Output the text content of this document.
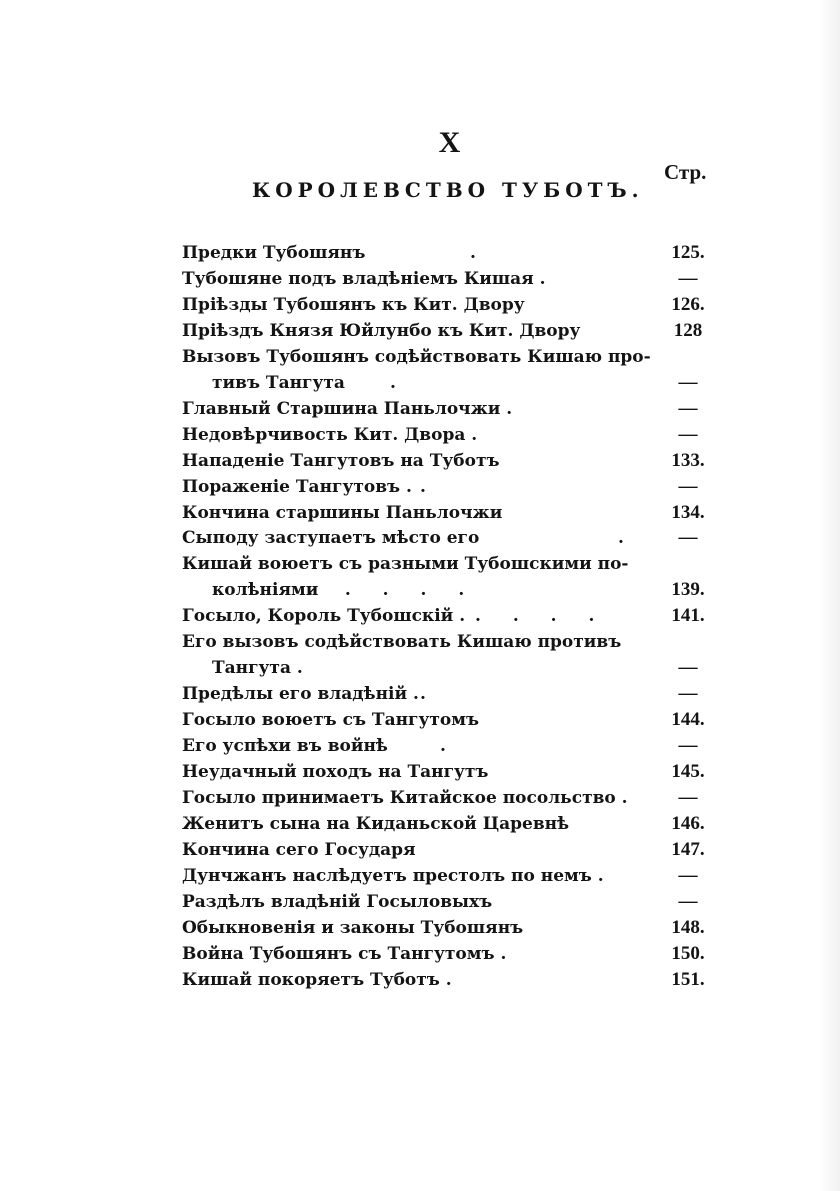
X
Стр.
КОРОЛЕВСТВО ТУБОТЪ.
Предки Тубошянъ	.	125.
Тубошяне подъ владѣніемъ Кишая .	—
Пріѣзды Тубошянъ къ Кит. Двору	126.
Пріѣздъ Князя Юйлунбо къ Кит. Двору	128
Вызовъ Тубошянъ содѣйствовать Кишаю про-
тивъ Тангута	.	—
Главный Старшина Паньлочжи .	—
Недовѣрчивость Кит. Двора .	—
Нападеніе Тангутовъ на Туботъ	133.
Пораженіе Тангутовъ . .	—
Кончина старшины Паньлочжи	134.
Сыподу заступаетъ мѣсто его	.	—
Кишай воюетъ съ разными Тубошскими по-
колѣніями
. . . . .	139.
Госыло, Король Тубошскій . . . . .	141.
Его вызовъ содѣйствовать Кишаю противъ
Тангута .	—
Предѣлы его владѣній . .	—
Госыло воюетъ съ Тангутомъ	144.
Его успѣхи въ войнѣ	.	—
Неудачный походъ на Тангутъ	145.
Госыло принимаетъ Китайское посольство .	—
Женитъ сына на Киданьской Царевнѣ	146.
Кончина сего Государя	147.
Дунчжанъ наслѣдуетъ престолъ по немъ .	—
Раздѣлъ владѣній Госыловыхъ	—
Обыкновенія и законы Тубошянъ	148.
Война Тубошянъ съ Тангутомъ .	150.
Кишай покоряетъ Туботъ .	151.
